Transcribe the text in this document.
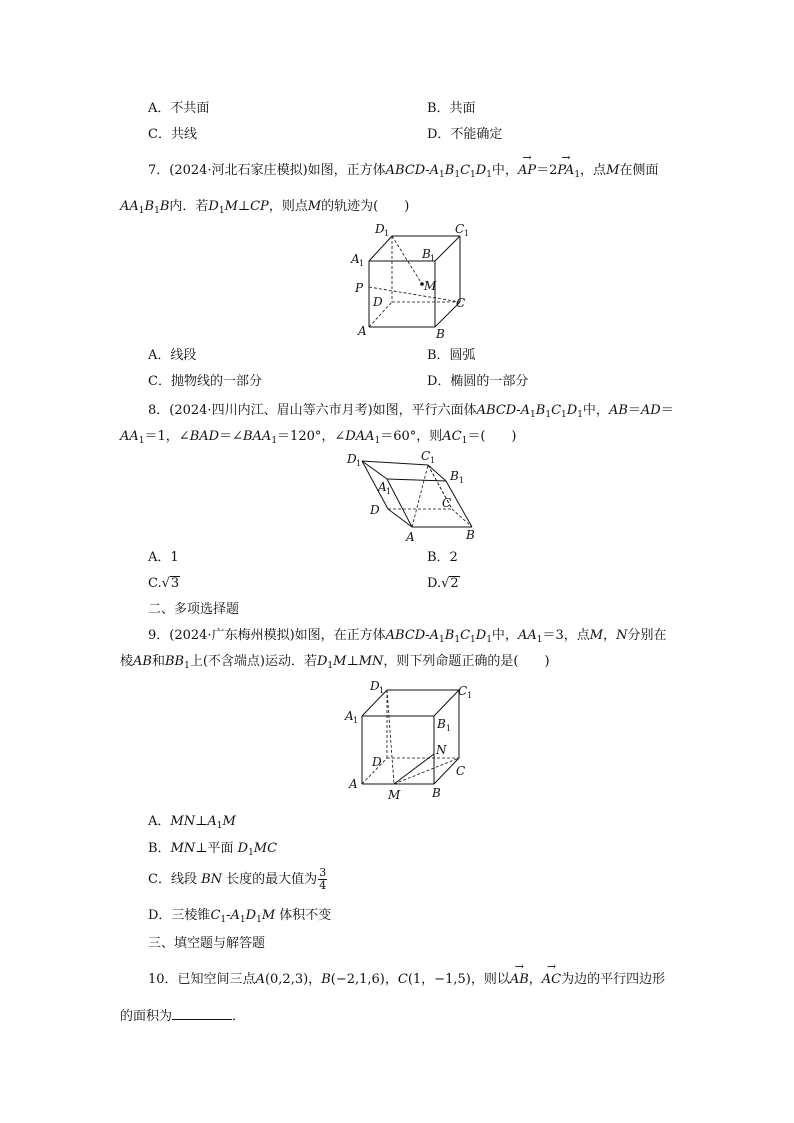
A．不共面	B．共面
C．共线	D．不能确定
7．(2024·河北石家庄模拟)如图，正方体ABCD-$A_1B_1C_1D_1$中，→ $AP=2\to PA_1$，点M在侧面
$AA_1B_1B$内．若$D_1M\perp CP$，则点M的轨迹为(　　)
D 1	C 1
A 1
B 1
M
P
D	C
A	B
A．线段	B．圆弧
C．抛物线的一部分	D．椭圆的一部分
8．(2024·四川内江、眉山等六市月考)如图，平行六面体ABCD-$A_1B_1C_1D_1$中，AB＝AD＝
$AA_1=1$，$\angle BAD=\angle BAA_1=120^\circ$，$\angle DAA_1=60^\circ$，则$AC_1=$(　　)
D 1
C 1
B 1
A 1
C
D
A	B
A．1	B．2
C.√3	D.√2
二、多项选择题
9．(2024·广东梅州模拟)如图，在正方体ABCD-$A_1B_1C_1D_1$中，$AA_1=3$，点M，N分别在
棱AB和$BB_1$上(不含端点)运动．若$D_1M\perp MN$，则下列命题正确的是(　　)
D 1	C 1
A 1	B 1
N
D
C
A
M	B
A．$MN\perp A_1M$
B．MN⊥平面 $D_1MC$
C．线段 BN 长度的最大值为 $\frac{3}{4}$
D．三棱锥$C_1-A_1D_1M$ 体积不变
三、填空题与解答题
10．已知空间三点A(0,2,3)，B(−2,1,6)，C(1，−1,5)，则以→ AB，→ AC为边的平行四边形
的面积为	．
